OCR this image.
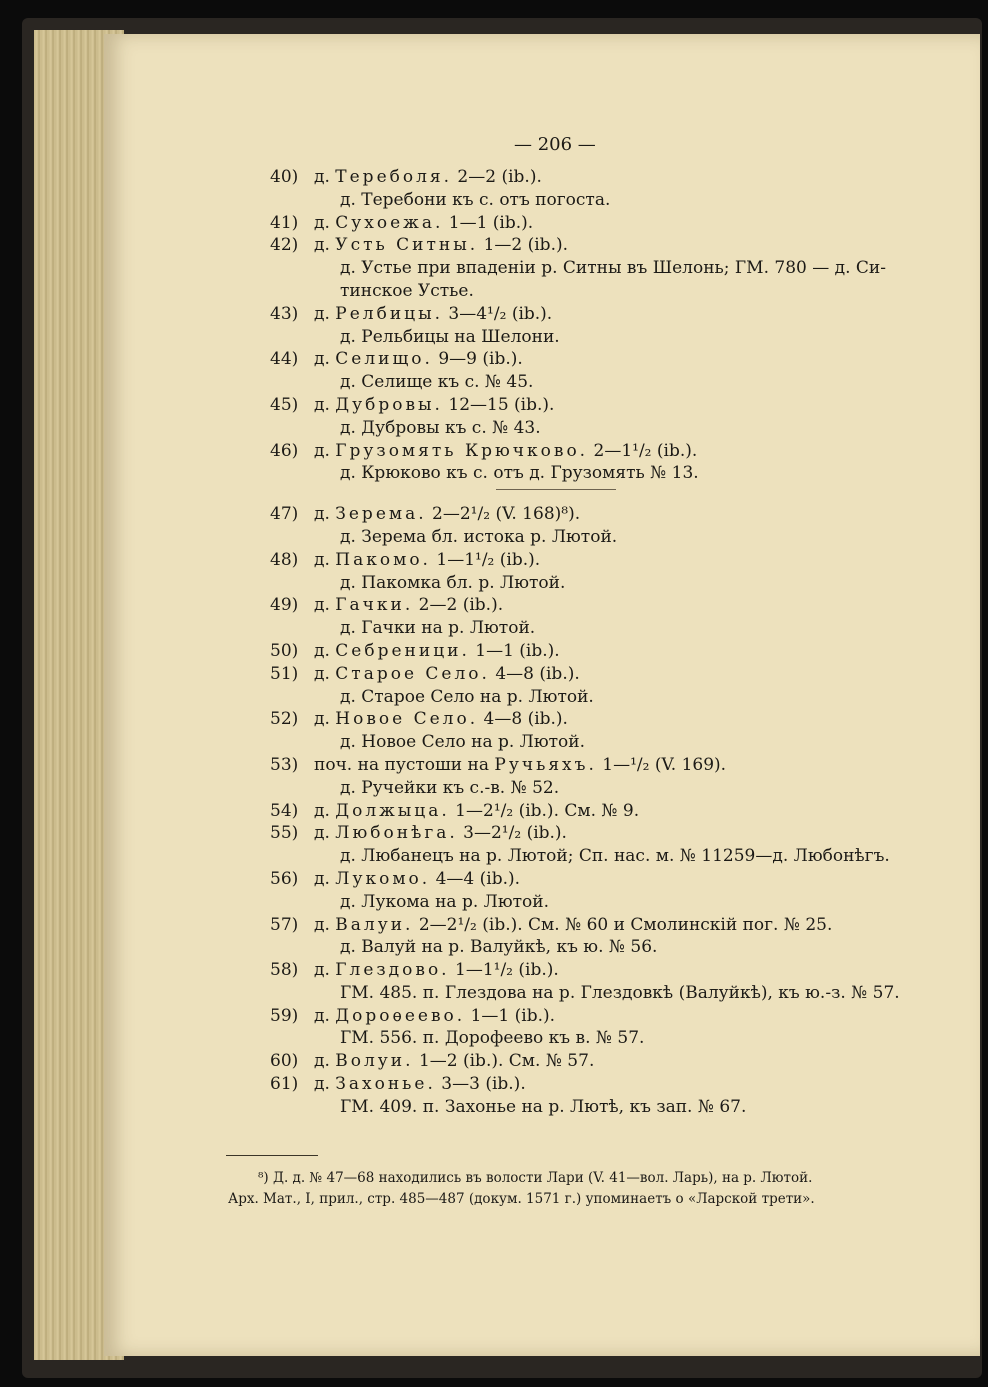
— 206 —
40) д. Тереболя. 2—2 (ib.).
д. Теребони къ с. отъ погоста.
41) д. Сухоежа. 1—1 (ib.).
42) д. Усть Ситны. 1—2 (ib.).
д. Устье при впаденіи р. Ситны въ Шелонь; ГМ. 780 — д. Си-
тинское Устье.
43) д. Релбицы. 3—4¹/₂ (ib.).
д. Рельбицы на Шелони.
44) д. Селищо. 9—9 (ib.).
д. Селище къ с. № 45.
45) д. Дубровы. 12—15 (ib.).
д. Дубровы къ с. № 43.
46) д. Грузомять Крючково. 2—1¹/₂ (ib.).
д. Крюково къ с. отъ д. Грузомять № 13.
47) д. Зерема. 2—2¹/₂ (V. 168)⁸).
д. Зерема бл. истока р. Лютой.
48) д. Пакомо. 1—1¹/₂ (ib.).
д. Пакомка бл. р. Лютой.
49) д. Гачки. 2—2 (ib.).
д. Гачки на р. Лютой.
50) д. Себреници. 1—1 (ib.).
51) д. Старое Село. 4—8 (ib.).
д. Старое Село на р. Лютой.
52) д. Новое Село. 4—8 (ib.).
д. Новое Село на р. Лютой.
53) поч. на пустоши на Ручьяхъ. 1—¹/₂ (V. 169).
д. Ручейки къ с.-в. № 52.
54) д. Должыца. 1—2¹/₂ (ib.). См. № 9.
55) д. Любонѣга. 3—2¹/₂ (ib.).
д. Любанецъ на р. Лютой; Сп. нас. м. № 11259—д. Любонѣгъ.
56) д. Лукомо. 4—4 (ib.).
д. Лукома на р. Лютой.
57) д. Валуи. 2—2¹/₂ (ib.). См. № 60 и Смолинскій пог. № 25.
д. Валуй на р. Валуйкѣ, къ ю. № 56.
58) д. Глездово. 1—1¹/₂ (ib.).
ГМ. 485. п. Глездова на р. Глездовкѣ (Валуйкѣ), къ ю.-з. № 57.
59) д. Дороѳеево. 1—1 (ib.).
ГМ. 556. п. Дорофеево къ в. № 57.
60) д. Волуи. 1—2 (ib.). См. № 57.
61) д. Захонье. 3—3 (ib.).
ГМ. 409. п. Захонье на р. Лютѣ, къ зап. № 67.
⁸) Д. д. № 47—68 находились въ волости Лари (V. 41—вол. Ларь), на р. Лютой.
Арх. Мат., I, прил., стр. 485—487 (докум. 1571 г.) упоминаетъ о «Ларской трети».
